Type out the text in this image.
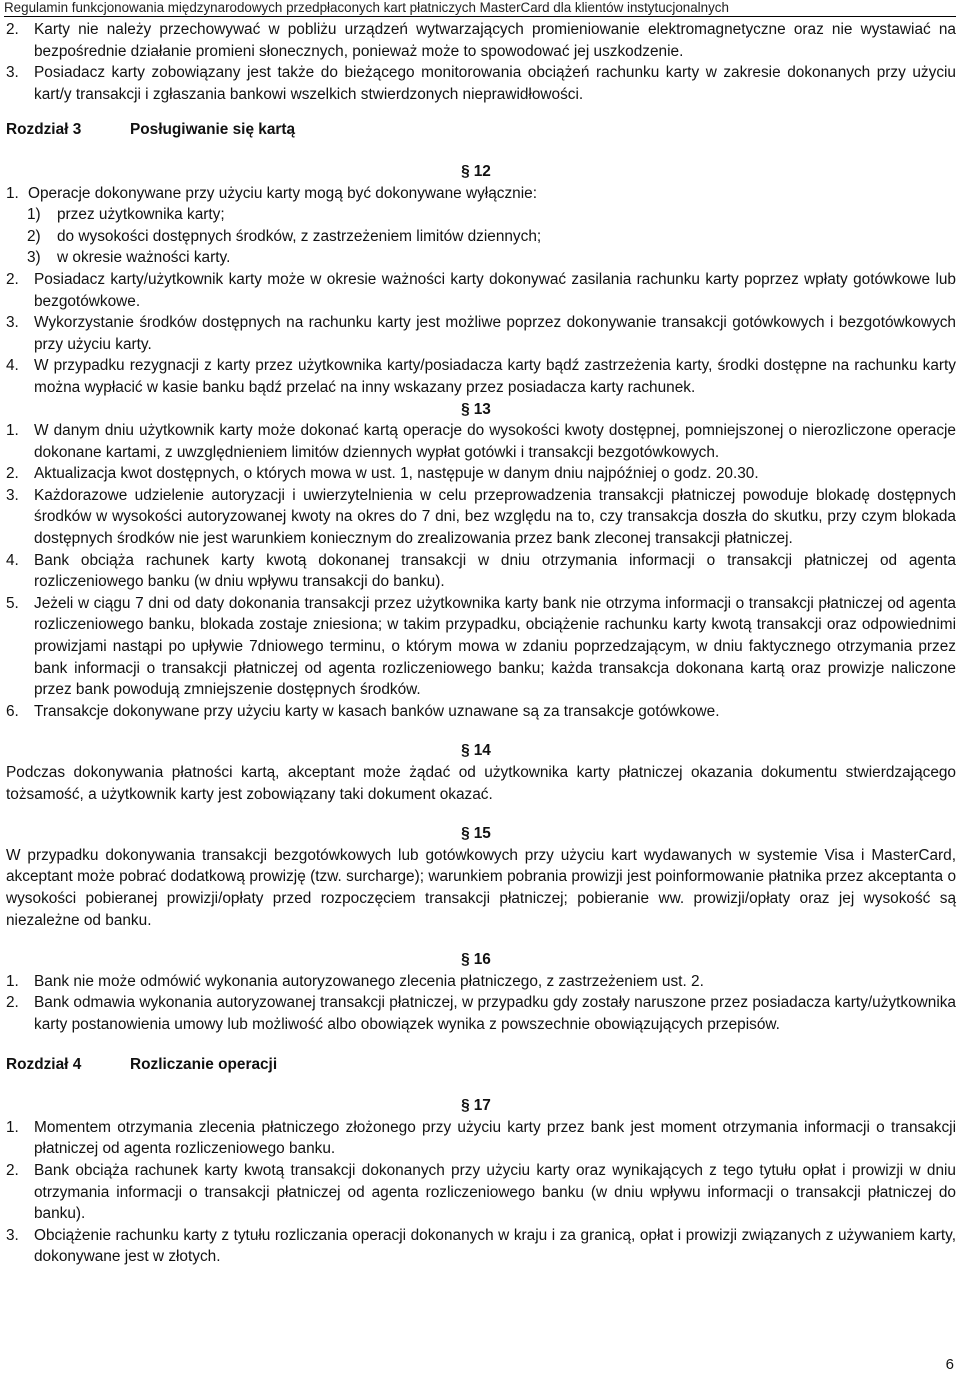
Regulamin funkcjonowania międzynarodowych przedpłaconych kart płatniczych MasterCard dla klientów instytucjonalnych
2. Karty nie należy przechowywać w pobliżu urządzeń wytwarzających promieniowanie elektromagnetyczne oraz nie wystawiać na bezpośrednie działanie promieni słonecznych, ponieważ może to spowodować jej uszkodzenie.
3. Posiadacz karty zobowiązany jest także do bieżącego monitorowania obciążeń rachunku karty w zakresie dokonanych przy użyciu kart/y transakcji i zgłaszania bankowi wszelkich stwierdzonych nieprawidłowości.
Rozdział 3	Posługiwanie się kartą
§ 12
1. Operacje dokonywane przy użyciu karty mogą być dokonywane wyłącznie:
1)	przez użytkownika karty;
2)	do wysokości dostępnych środków, z zastrzeżeniem limitów dziennych;
3)	w okresie ważności karty.
2. Posiadacz karty/użytkownik karty może w okresie ważności karty dokonywać zasilania rachunku karty poprzez wpłaty gotówkowe lub bezgotówkowe.
3. Wykorzystanie środków dostępnych na rachunku karty jest możliwe poprzez dokonywanie transakcji gotówkowych i bezgotówkowych przy użyciu karty.
4. W przypadku rezygnacji z karty przez użytkownika karty/posiadacza karty bądź zastrzeżenia karty, środki dostępne na rachunku karty można wypłacić w kasie banku bądź przelać na inny wskazany przez posiadacza karty rachunek.
§ 13
1. W danym dniu użytkownik karty może dokonać kartą operacje do wysokości kwoty dostępnej, pomniejszonej o nierozliczone operacje dokonane kartami, z uwzględnieniem limitów dziennych wypłat gotówki i transakcji bezgotówkowych.
2. Aktualizacja kwot dostępnych, o których mowa w ust. 1, następuje w danym dniu najpóźniej o godz. 20.30.
3. Każdorazowe udzielenie autoryzacji i uwierzytelnienia w celu przeprowadzenia transakcji płatniczej powoduje blokadę dostępnych środków w wysokości autoryzowanej kwoty na okres do 7 dni, bez względu na to, czy transakcja doszła do skutku, przy czym blokada dostępnych środków nie jest warunkiem koniecznym do zrealizowania przez bank zleconej transakcji płatniczej.
4. Bank obciąża rachunek karty kwotą dokonanej transakcji w dniu otrzymania informacji o transakcji płatniczej od agenta rozliczeniowego banku (w dniu wpływu transakcji do banku).
5. Jeżeli w ciągu 7 dni od daty dokonania transakcji przez użytkownika karty bank nie otrzyma informacji o transakcji płatniczej od agenta rozliczeniowego banku, blokada zostaje zniesiona; w takim przypadku, obciążenie rachunku karty kwotą transakcji oraz odpowiednimi prowizjami nastąpi po upływie 7dniowego terminu, o którym mowa w zdaniu poprzedzającym, w dniu faktycznego otrzymania przez bank informacji o transakcji płatniczej od agenta rozliczeniowego banku; każda transakcja dokonana kartą oraz prowizje naliczone przez bank powodują zmniejszenie dostępnych środków.
6. Transakcje dokonywane przy użyciu karty w kasach banków uznawane są za transakcje gotówkowe.
§ 14

Podczas dokonywania płatności kartą, akceptant może żądać od użytkownika karty płatniczej okazania dokumentu stwierdzającego tożsamość, a użytkownik karty jest zobowiązany taki dokument okazać.

§ 15

W przypadku dokonywania transakcji bezgotówkowych lub gotówkowych przy użyciu kart wydawanych w systemie Visa i MasterCard, akceptant może pobrać dodatkową prowizję (tzw. surcharge); warunkiem pobrania prowizji jest poinformowanie płatnika przez akceptanta o wysokości pobieranej prowizji/opłaty przed rozpoczęciem transakcji płatniczej; pobieranie ww. prowizji/opłaty oraz jej wysokość są niezależne od banku.

§ 16
1. Bank nie może odmówić wykonania autoryzowanego zlecenia płatniczego, z zastrzeżeniem ust. 2.
2. Bank odmawia wykonania autoryzowanej transakcji płatniczej, w przypadku gdy zostały naruszone przez posiadacza karty/użytkownika karty postanowienia umowy lub możliwość albo obowiązek wynika z powszechnie obowiązujących przepisów.
Rozdział 4	Rozliczanie operacji
§ 17
1. Momentem otrzymania zlecenia płatniczego złożonego przy użyciu karty przez bank jest moment otrzymania informacji o transakcji płatniczej od agenta rozliczeniowego banku.
2. Bank obciąża rachunek karty kwotą transakcji dokonanych przy użyciu karty oraz wynikających z tego tytułu opłat i prowizji w dniu otrzymania informacji o transakcji płatniczej od agenta rozliczeniowego banku (w dniu wpływu informacji o transakcji płatniczej do banku).
3. Obciążenie rachunku karty z tytułu rozliczania operacji dokonanych w kraju i za granicą, opłat i prowizji związanych z używaniem karty, dokonywane jest w złotych.
6
